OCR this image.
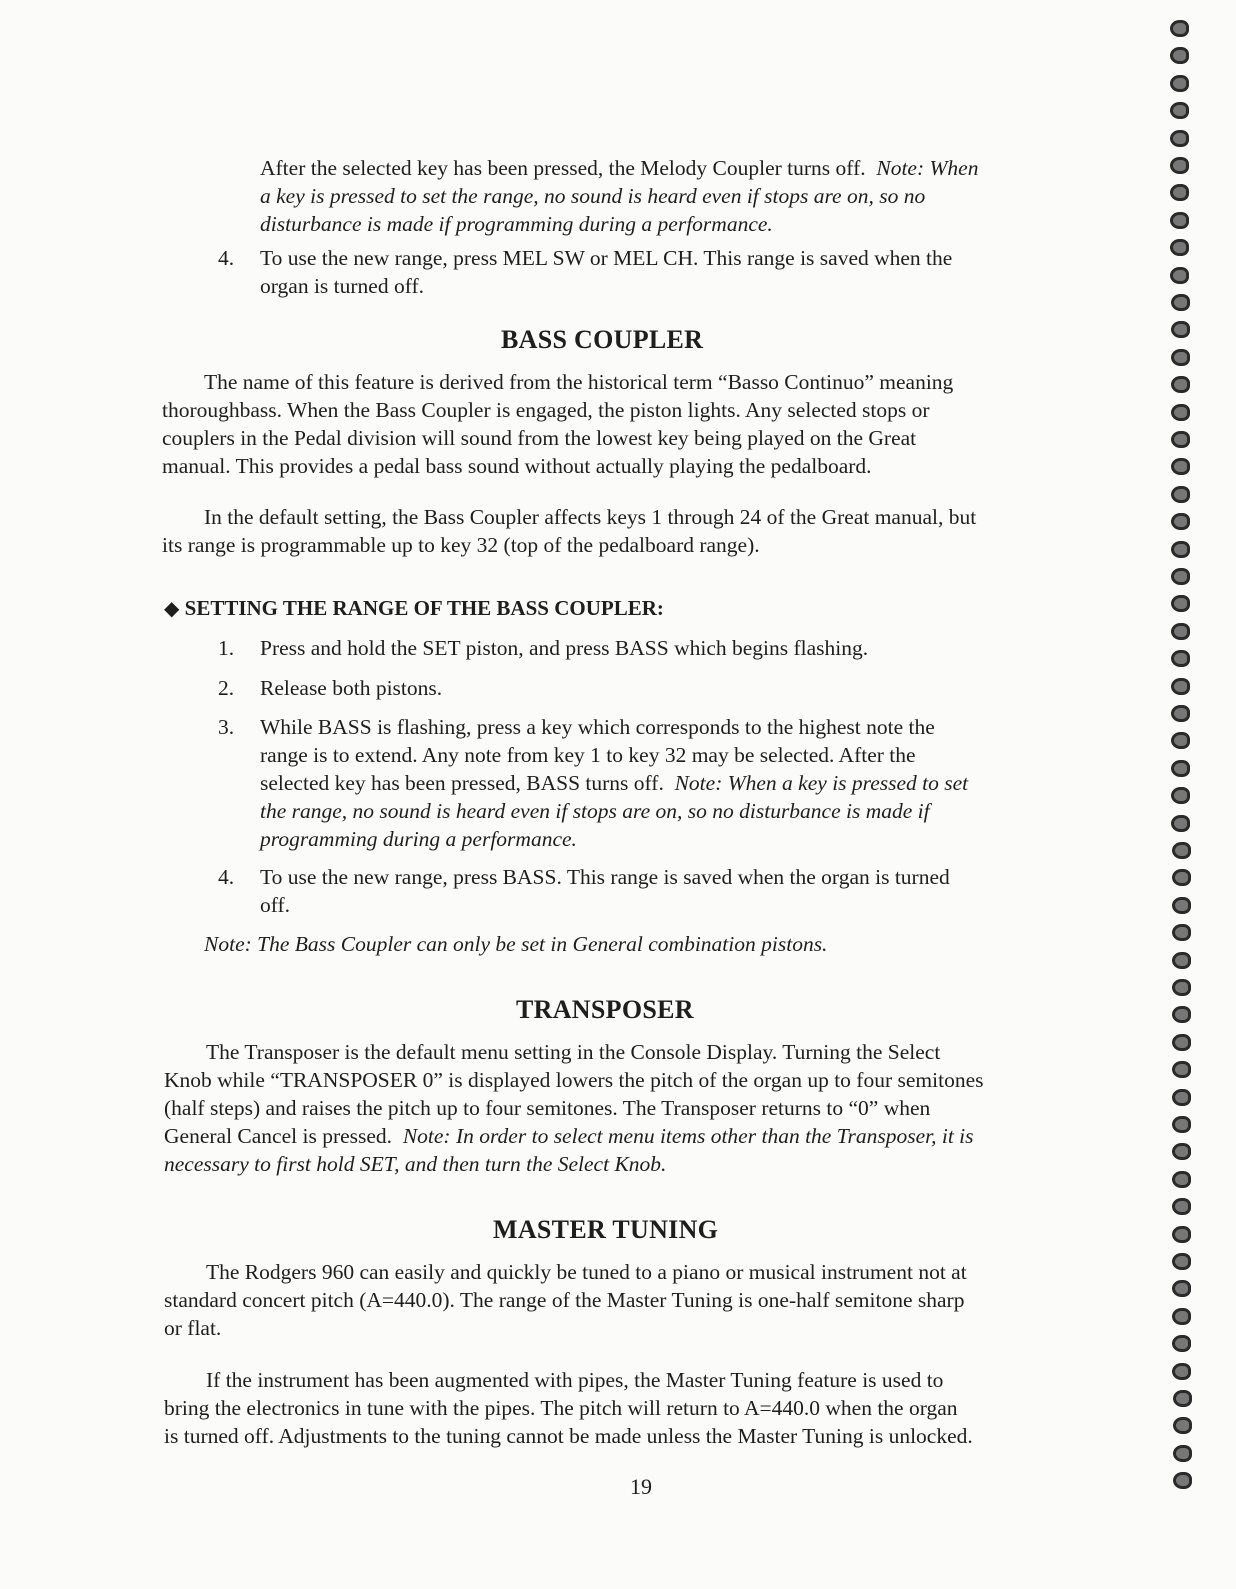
After the selected key has been pressed, the Melody Coupler turns off. Note: When
a key is pressed to set the range, no sound is heard even if stops are on, so no
disturbance is made if programming during a performance.

4. To use the new range, press MEL SW or MEL CH. This range is saved when the
organ is turned off.
BASS COUPLER
The name of this feature is derived from the historical term “Basso Continuo” meaning
thoroughbass. When the Bass Coupler is engaged, the piston lights. Any selected stops or
couplers in the Pedal division will sound from the lowest key being played on the Great
manual. This provides a pedal bass sound without actually playing the pedalboard.
In the default setting, the Bass Coupler affects keys 1 through 24 of the Great manual, but
its range is programmable up to key 32 (top of the pedalboard range).
◆ SETTING THE RANGE OF THE BASS COUPLER:

1. Press and hold the SET piston, and press BASS which begins flashing.

2. Release both pistons.

3. While BASS is flashing, press a key which corresponds to the highest note the
range is to extend. Any note from key 1 to key 32 may be selected. After the
selected key has been pressed, BASS turns off. Note: When a key is pressed to set
the range, no sound is heard even if stops are on, so no disturbance is made if
programming during a performance.

4. To use the new range, press BASS. This range is saved when the organ is turned
off.

Note: The Bass Coupler can only be set in General combination pistons.

TRANSPOSER
The Transposer is the default menu setting in the Console Display. Turning the Select
Knob while “TRANSPOSER 0” is displayed lowers the pitch of the organ up to four semitones
(half steps) and raises the pitch up to four semitones. The Transposer returns to “0” when
General Cancel is pressed. Note: In order to select menu items other than the Transposer, it is
necessary to first hold SET, and then turn the Select Knob.
MASTER TUNING
The Rodgers 960 can easily and quickly be tuned to a piano or musical instrument not at
standard concert pitch (A=440.0). The range of the Master Tuning is one-half semitone sharp
or flat.
If the instrument has been augmented with pipes, the Master Tuning feature is used to
bring the electronics in tune with the pipes. The pitch will return to A=440.0 when the organ
is turned off. Adjustments to the tuning cannot be made unless the Master Tuning is unlocked.
19
